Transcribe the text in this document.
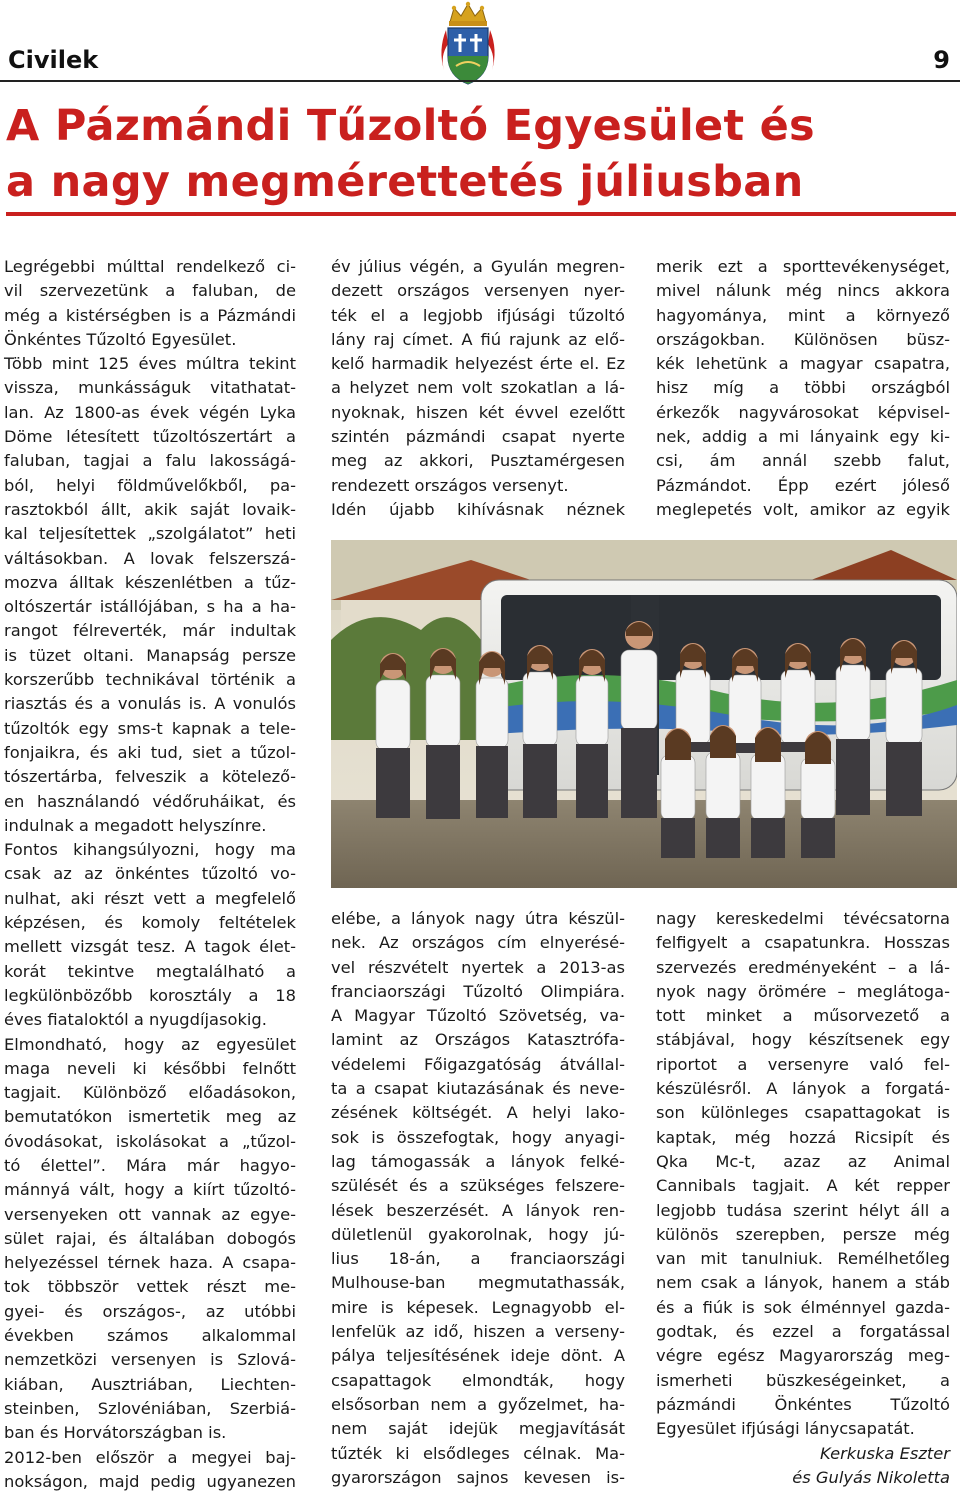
Civilek	9
A Pázmándi Tűzoltó Egyesület és
a nagy megmérettetés júliusban
Legrégebbi múlttal rendelkező ci-
vil szervezetünk a faluban, de
még a kistérségben is a Pázmándi
Önkéntes Tűzoltó Egyesület.
Több mint 125 éves múltra tekint
vissza, munkásságuk vitathatat-
lan. Az 1800-as évek végén Lyka
Döme létesített tűzoltószertárt a
faluban, tagjai a falu lakosságá-
ból, helyi földművelőkből, pa-
rasztokból állt, akik saját lovaik-
kal teljesítettek „szolgálatot” heti
váltásokban. A lovak felszerszá-
mozva álltak készenlétben a tűz-
oltószertár istállójában, s ha a ha-
rangot félreverték, már indultak
is tüzet oltani. Manapság persze
korszerűbb technikával történik a
riasztás és a vonulás is. A vonulós
tűzoltók egy sms-t kapnak a tele-
fonjaikra, és aki tud, siet a tűzol-
tószertárba, felveszik a kötelező-
en használandó védőruháikat, és
indulnak a megadott helyszínre.
Fontos kihangsúlyozni, hogy ma
csak az az önkéntes tűzoltó vo-
nulhat, aki részt vett a megfelelő
képzésen, és komoly feltételek
mellett vizsgát tesz. A tagok élet-
korát tekintve megtalálható a
legkülönbözőbb korosztály a 18
éves fiataloktól a nyugdíjasokig.
Elmondható, hogy az egyesület
maga neveli ki későbbi felnőtt
tagjait. Különböző előadásokon,
bemutatókon ismertetik meg az
óvodásokat, iskolásokat a „tűzol-
tó élettel”. Mára már hagyo-
mánnyá vált, hogy a kiírt tűzoltó-
versenyeken ott vannak az egye-
sület rajai, és általában dobogós
helyezéssel térnek haza. A csapa-
tok többször vettek részt me-
gyei- és országos-, az utóbbi
években számos alkalommal
nemzetközi versenyen is Szlová-
kiában, Ausztriában, Liechten-
steinben, Szlovéniában, Szerbiá-
ban és Horvátországban is.
2012-ben először a megyei baj-
nokságon, majd pedig ugyanezen
év július végén, a Gyulán megren-
dezett országos versenyen nyer-
ték el a legjobb ifjúsági tűzoltó
lány raj címet. A fiú rajunk az elő-
kelő harmadik helyezést érte el. Ez
a helyzet nem volt szokatlan a lá-
nyoknak, hiszen két évvel ezelőtt
szintén pázmándi csapat nyerte
meg az akkori, Pusztamérgesen
rendezett országos versenyt.
Idén újabb kihívásnak néznek
merik ezt a sporttevékenységet,
mivel nálunk még nincs akkora
hagyománya, mint a környező
országokban. Különösen büsz-
kék lehetünk a magyar csapatra,
hisz míg a többi országból
érkezők nagyvárosokat képvisel-
nek, addig a mi lányaink egy ki-
csi, ám annál szebb falut,
Pázmándot. Épp ezért jóleső
meglepetés volt, amikor az egyik
elébe, a lányok nagy útra készül-
nek. Az országos cím elnyerésé-
vel részvételt nyertek a 2013-as
franciaországi Tűzoltó Olimpiára.
A Magyar Tűzoltó Szövetség, va-
lamint az Országos Katasztrófa-
védelemi Főigazgatóság átvállal-
ta a csapat kiutazásának és neve-
zésének költségét. A helyi lako-
sok is összefogtak, hogy anyagi-
lag támogassák a lányok felké-
szülését és a szükséges felszere-
lések beszerzését. A lányok ren-
dületlenül gyakorolnak, hogy jú-
lius 18-án, a franciaországi
Mulhouse-ban megmutathassák,
mire is képesek. Legnagyobb el-
lenfelük az idő, hiszen a verseny-
pálya teljesítésének ideje dönt. A
csapattagok elmondták, hogy
elsősorban nem a győzelmet, ha-
nem saját idejük megjavítását
tűzték ki elsődleges célnak. Ma-
gyarországon sajnos kevesen is-
nagy kereskedelmi tévécsatorna
felfigyelt a csapatunkra. Hosszas
szervezés eredményeként – a lá-
nyok nagy örömére – meglátoga-
tott minket a műsorvezető a
stábjával, hogy készítsenek egy
riportot a versenyre való fel-
készülésről. A lányok a forgatá-
son különleges csapattagokat is
kaptak, még hozzá Ricsipít és
Qka Mc-t, azaz az Animal
Cannibals tagjait. A két repper
legjobb tudása szerint hélyt áll a
különös szerepben, persze még
van mit tanulniuk. Remélhetőleg
nem csak a lányok, hanem a stáb
és a fiúk is sok élménnyel gazda-
godtak, és ezzel a forgatással
végre egész Magyarország meg-
ismerheti büszkeségeinket, a
pázmándi Önkéntes Tűzoltó
Egyesület ifjúsági lánycsapatát.
Kerkuska Eszter
és Gulyás Nikoletta
